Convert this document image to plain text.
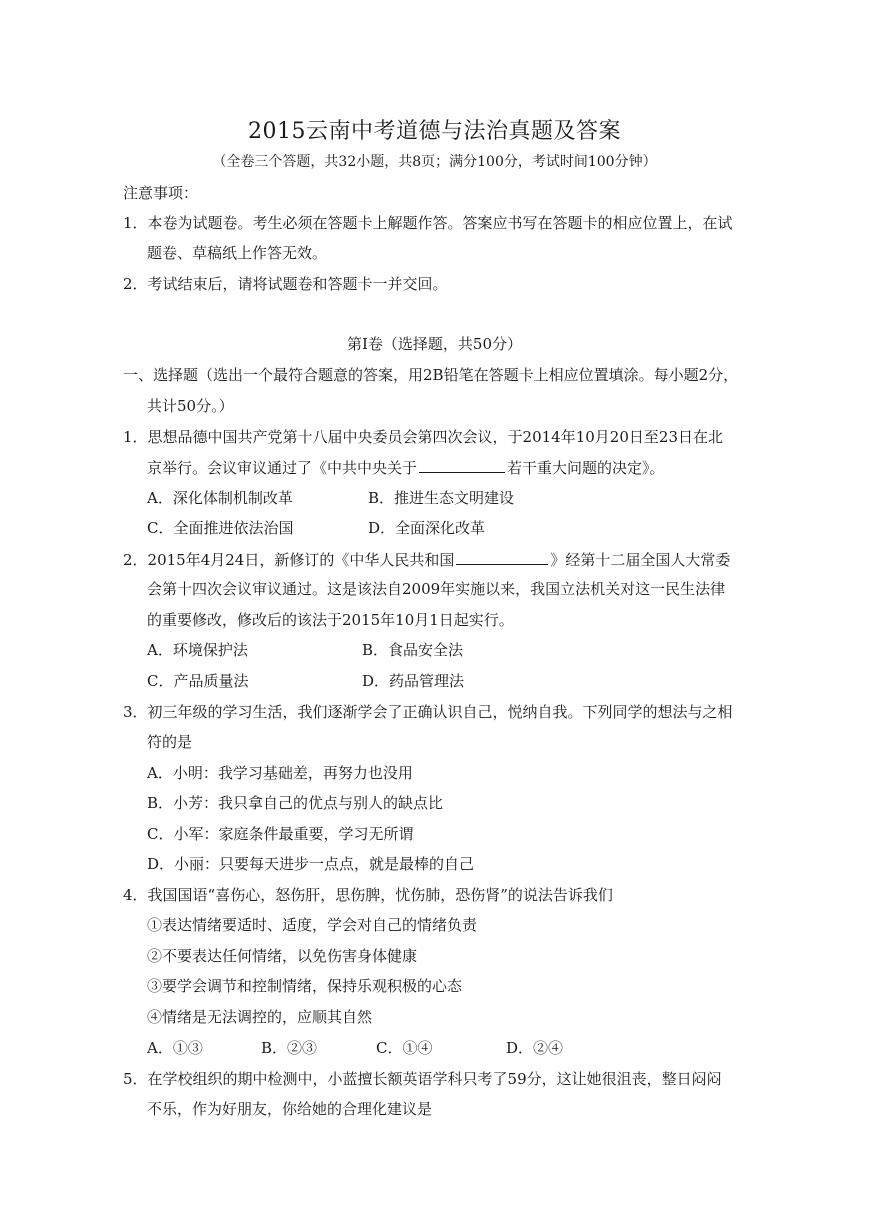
2015云南中考道德与法治真题及答案
（全卷三个答题，共32小题，共8页；满分100分，考试时间100分钟）
注意事项：
1．本卷为试题卷。考生必须在答题卡上解题作答。答案应书写在答题卡的相应位置上，在试
题卷、草稿纸上作答无效。
2．考试结束后，请将试题卷和答题卡一并交回。
第Ⅰ卷（选择题，共50分）
一、选择题（选出一个最符合题意的答案，用2B铅笔在答题卡上相应位置填涂。每小题2分，
共计50分。）
1．思想品德中国共产党第十八届中央委员会第四次会议，于2014年10月20日至23日在北
京举行。会议审议通过了《中共中央关于	若干重大问题的决定》。
A．深化体制机制改革	B．推进生态文明建设
C．全面推进依法治国	D．全面深化改革
2．2015年4月24日，新修订的《中华人民共和国	》经第十二届全国人大常委
会第十四次会议审议通过。这是该法自2009年实施以来，我国立法机关对这一民生法律
的重要修改，修改后的该法于2015年10月1日起实行。
A．环境保护法	B．食品安全法
C．产品质量法	D．药品管理法
3．初三年级的学习生活，我们逐渐学会了正确认识自己，悦纳自我。下列同学的想法与之相
符的是
A．小明：我学习基础差，再努力也没用
B．小芳：我只拿自己的优点与别人的缺点比
C．小军：家庭条件最重要，学习无所谓
D．小丽：只要每天进步一点点，就是最棒的自己
4．我国国语“喜伤心，怒伤肝，思伤脾，忧伤肺，恐伤肾”的说法告诉我们
①表达情绪要适时、适度，学会对自己的情绪负责
②不要表达任何情绪，以免伤害身体健康
③要学会调节和控制情绪，保持乐观积极的心态
④情绪是无法调控的，应顺其自然
A．①③	B．②③	C．①④	D．②④
5．在学校组织的期中检测中，小蓝擅长额英语学科只考了59分，这让她很沮丧，整日闷闷
不乐，作为好朋友，你给她的合理化建议是
